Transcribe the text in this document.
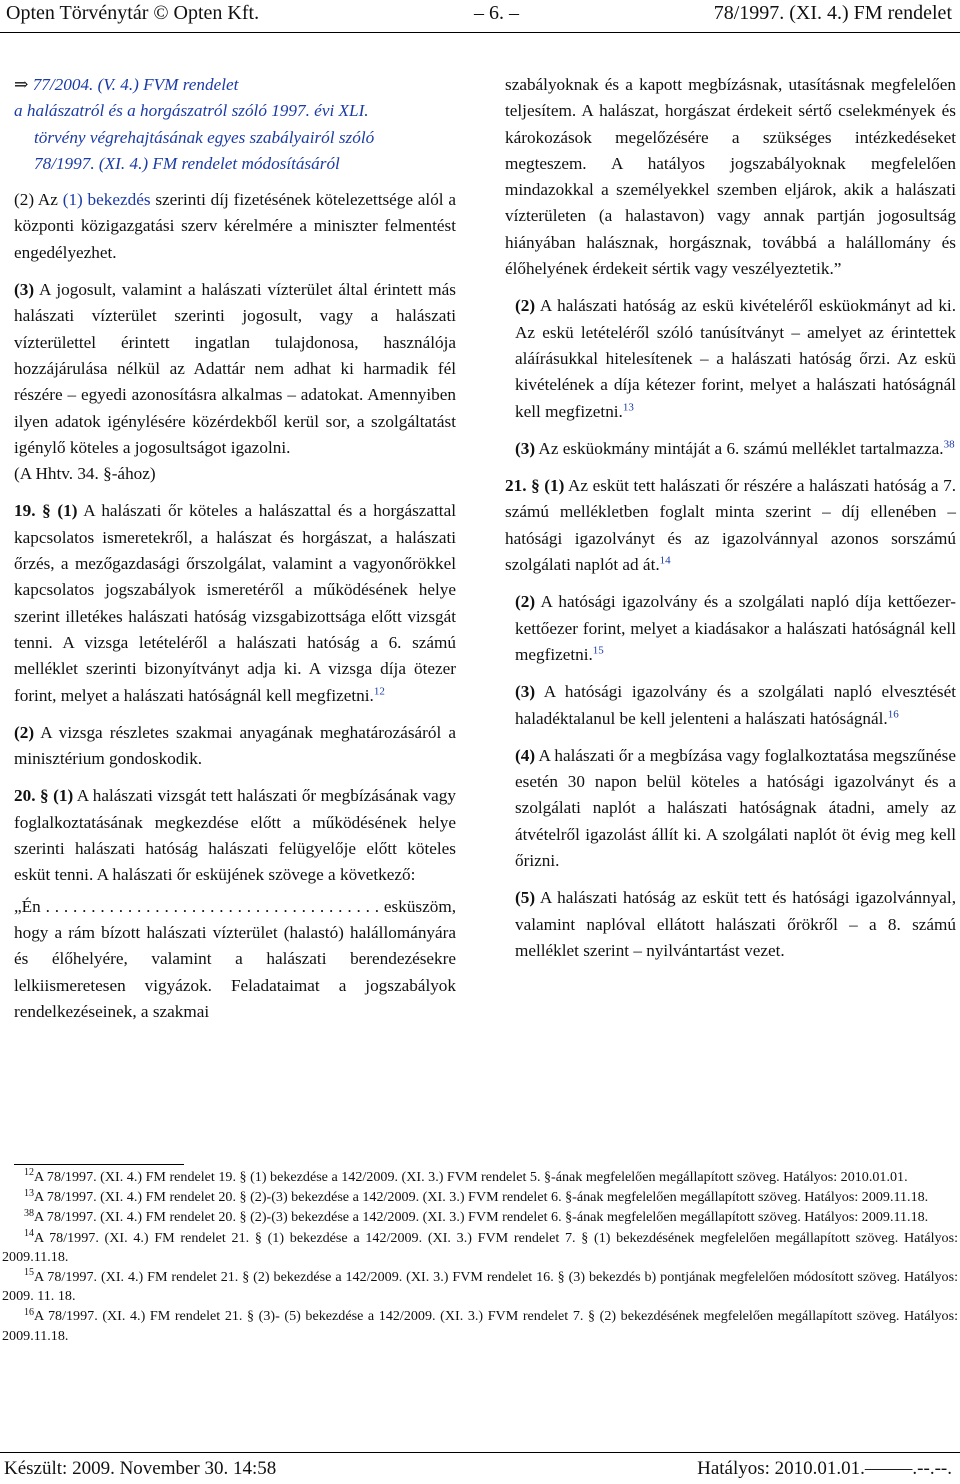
Opten Törvénytár © Opten Kft.	– 6. –	78/1997. (XI. 4.) FM rendelet

⇒ 77/2004. (V. 4.) FVM rendelet
a halászatról és a horgászatról szóló 1997. évi XLI. törvény végrehajtásának egyes szabályairól szóló 78/1997. (XI. 4.) FM rendelet módosításáról

(2) Az (1) bekezdés szerinti díj fizetésének kötelezettsége alól a központi közigazgatási szerv kérelmére a miniszter felmentést engedélyezhet.

(3) A jogosult, valamint a halászati vízterület által érintett más halászati vízterület szerinti jogosult, vagy a halászati vízterülettel érintett ingatlan tulajdonosa, használója hozzájárulása nélkül az Adattár nem adhat ki harmadik fél részére – egyedi azonosításra alkalmas – adatokat. Amennyiben ilyen adatok igénylésére közérdekből kerül sor, a szolgáltatást igénylő köteles a jogosultságot igazolni.
(A Hhtv. 34. §-ához)

19. § (1) A halászati őr köteles a halászattal és a horgászattal kapcsolatos ismeretekről, a halászat és horgászat, a halászati őrzés, a mezőgazdasági őrszolgálat, valamint a vagyonőrökkel kapcsolatos jogszabályok ismeretéről a működésének helye szerint illetékes halászati hatóság vizsgabizottsága előtt vizsgát tenni. A vizsga letételéről a halászati hatóság a 6. számú melléklet szerinti bizonyítványt adja ki. A vizsga díja ötezer forint, melyet a halászati hatóságnál kell megfizetni.$^{12}$

(2) A vizsga részletes szakmai anyagának meghatározásáról a minisztérium gondoskodik.

20. § (1) A halászati vizsgát tett halászati őr megbízásának vagy foglalkoztatásának megkezdése előtt a működésének helye szerinti halászati hatóság halászati felügyelője előtt köteles esküt tenni. A halászati őr esküjének szövege a következő:

„Én . . . . . . . . . . . . . . . . . . . . . . . . . . . . . . . . . . . . . esküszöm, hogy a rám bízott halászati vízterület (halastó) halállományára és élőhelyére, valamint a halászati berendezésekre lelkiismeretesen vigyázok. Feladataimat a jogszabályok rendelkezéseinek, a szakmai

szabályoknak és a kapott megbízásnak, utasításnak megfelelően teljesítem. A halászat, horgászat érdekeit sértő cselekmények és károkozások megelőzésére a szükséges intézkedéseket megteszem. A hatályos jogszabályoknak megfelelően mindazokkal a személyekkel szemben eljárok, akik a halászati vízterületen (a halastavon) vagy annak partján jogosultság hiányában halásznak, horgásznak, továbbá a halállomány és élőhelyének érdekeit sértik vagy veszélyeztetik.”

(2) A halászati hatóság az eskü kivételéről esküokmányt ad ki. Az eskü letételéről szóló tanúsítványt – amelyet az érintettek aláírásukkal hitelesítenek – a halászati hatóság őrzi. Az eskü kivételének a díja kétezer forint, melyet a halászati hatóságnál kell megfizetni.$^{13}$

(3) Az esküokmány mintáját a 6. számú melléklet tartalmazza.$^{38}$

21. § (1) Az esküt tett halászati őr részére a halászati hatóság a 7. számú mellékletben foglalt minta szerint – díj ellenében – hatósági igazolványt és az igazolvánnyal azonos sorszámú szolgálati naplót ad át.$^{14}$

(2) A hatósági igazolvány és a szolgálati napló díja kettőezer-kettőezer forint, melyet a kiadásakor a halászati hatóságnál kell megfizetni.$^{15}$

(3) A hatósági igazolvány és a szolgálati napló elvesztését haladéktalanul be kell jelenteni a halászati hatóságnál.$^{16}$

(4) A halászati őr a megbízása vagy foglalkoztatása megszűnése esetén 30 napon belül köteles a hatósági igazolványt és a szolgálati naplót a halászati hatóságnak átadni, amely az átvételről igazolást állít ki. A szolgálati naplót öt évig meg kell őrizni.

(5) A halászati hatóság az esküt tett és hatósági igazolvánnyal, valamint naplóval ellátott halászati őrökről – a 8. számú melléklet szerint – nyilvántartást vezet.

$^{12}$A 78/1997. (XI. 4.) FM rendelet 19. § (1) bekezdése a 142/2009. (XI. 3.) FVM rendelet 5. §-ának megfelelően megállapított szöveg. Hatályos: 2010.01.01.

$^{13}$A 78/1997. (XI. 4.) FM rendelet 20. § (2)-(3) bekezdése a 142/2009. (XI. 3.) FVM rendelet 6. §-ának megfelelően megállapított szöveg. Hatályos: 2009.11.18.

$^{38}$A 78/1997. (XI. 4.) FM rendelet 20. § (2)-(3) bekezdése a 142/2009. (XI. 3.) FVM rendelet 6. §-ának megfelelően megállapított szöveg. Hatályos: 2009.11.18.

$^{14}$A 78/1997. (XI. 4.) FM rendelet 21. § (1) bekezdése a 142/2009. (XI. 3.) FVM rendelet 7. § (1) bekezdésének megfelelően megállapított szöveg. Hatályos: 2009.11.18.

$^{15}$A 78/1997. (XI. 4.) FM rendelet 21. § (2) bekezdése a 142/2009. (XI. 3.) FVM rendelet 16. § (3) bekezdés b) pontjának megfelelően módosított szöveg. Hatályos: 2009. 11. 18.

$^{16}$A 78/1997. (XI. 4.) FM rendelet 21. § (3)- (5) bekezdése a 142/2009. (XI. 3.) FVM rendelet 7. § (2) bekezdésének megfelelően megállapított szöveg. Hatályos: 2009.11.18.

Készült: 2009. November 30. 14:58	Hatályos: 2010.01.01.–––––.--.--.
